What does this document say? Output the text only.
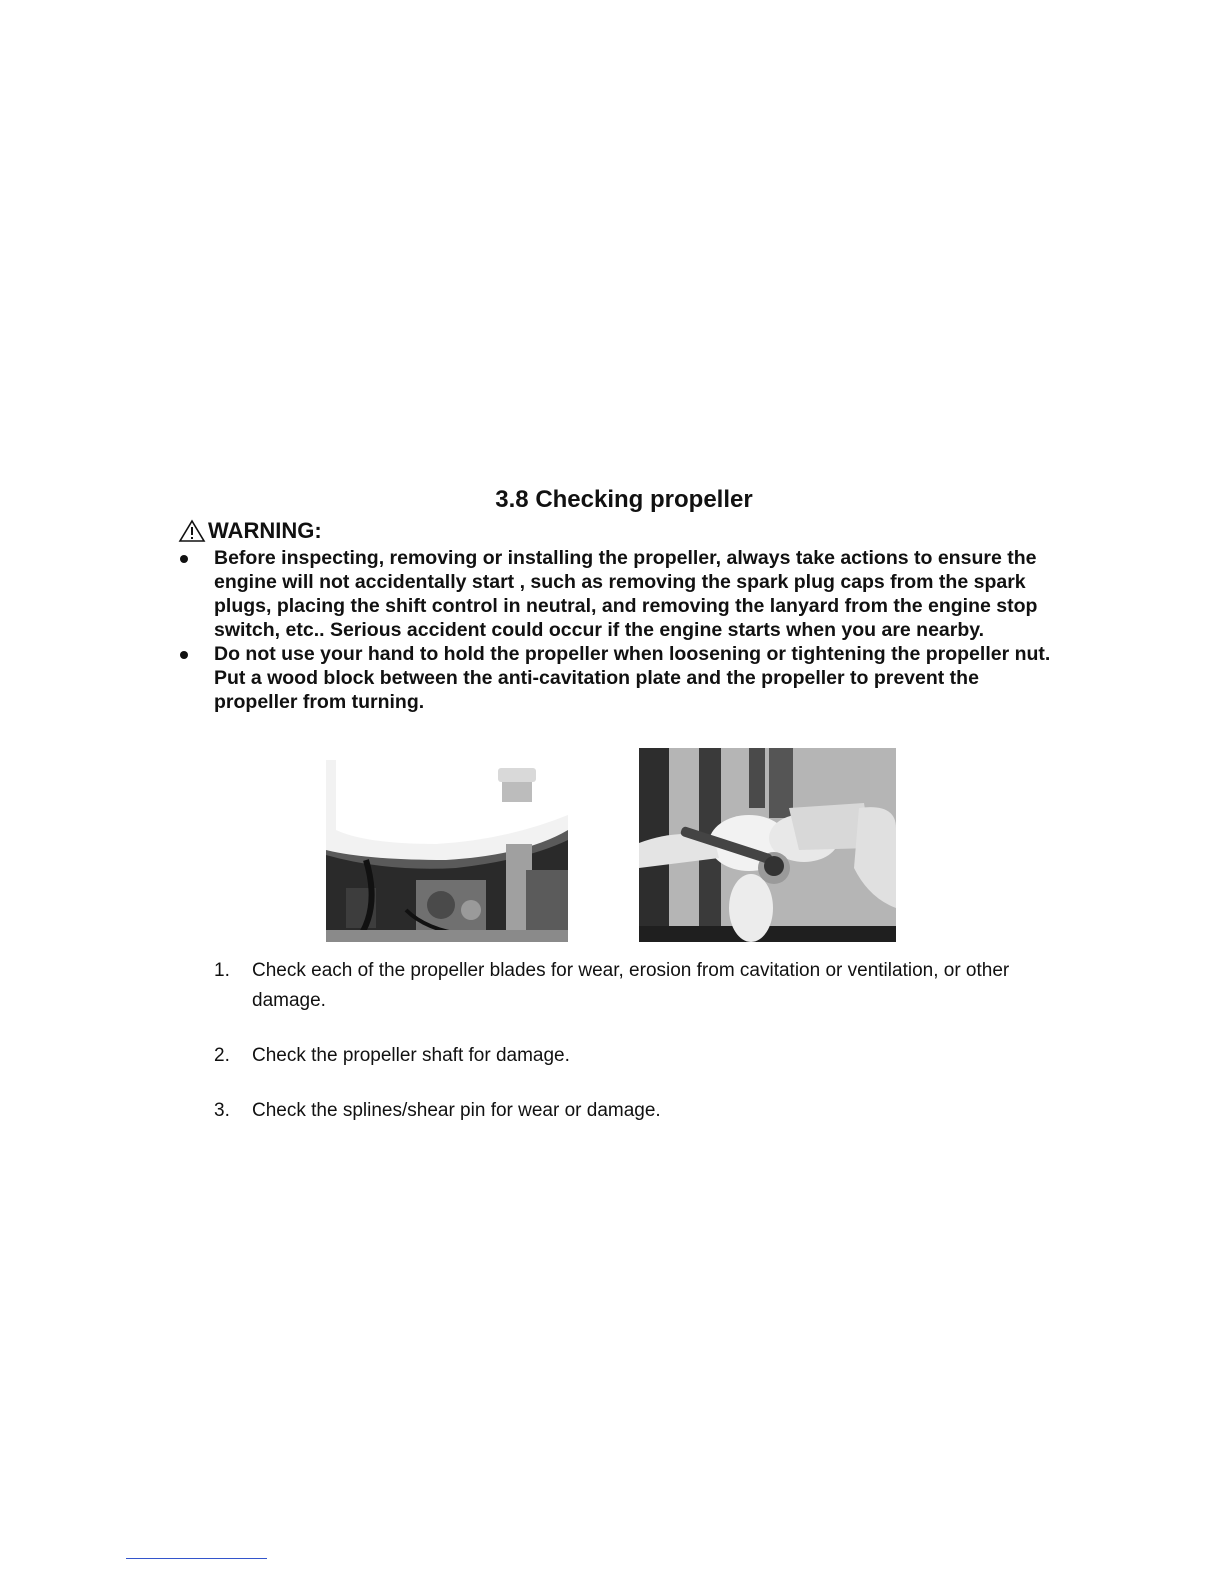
3.8 Checking propeller
WARNING:
Before inspecting, removing or installing the propeller, always take actions to ensure the engine will not accidentally start , such as removing the spark plug caps from the spark plugs, placing the shift control in neutral, and removing the lanyard from the engine stop switch, etc.. Serious accident could occur if the engine starts when you are nearby.
Do not use your hand to hold the propeller when loosening or tightening the propeller nut. Put a wood block between the anti-cavitation plate and the propeller to prevent the propeller from turning.
1. Check each of the propeller blades for wear, erosion from cavitation or ventilation, or other damage.
2. Check the propeller shaft for damage.
3. Check the splines/shear pin for wear or damage.
